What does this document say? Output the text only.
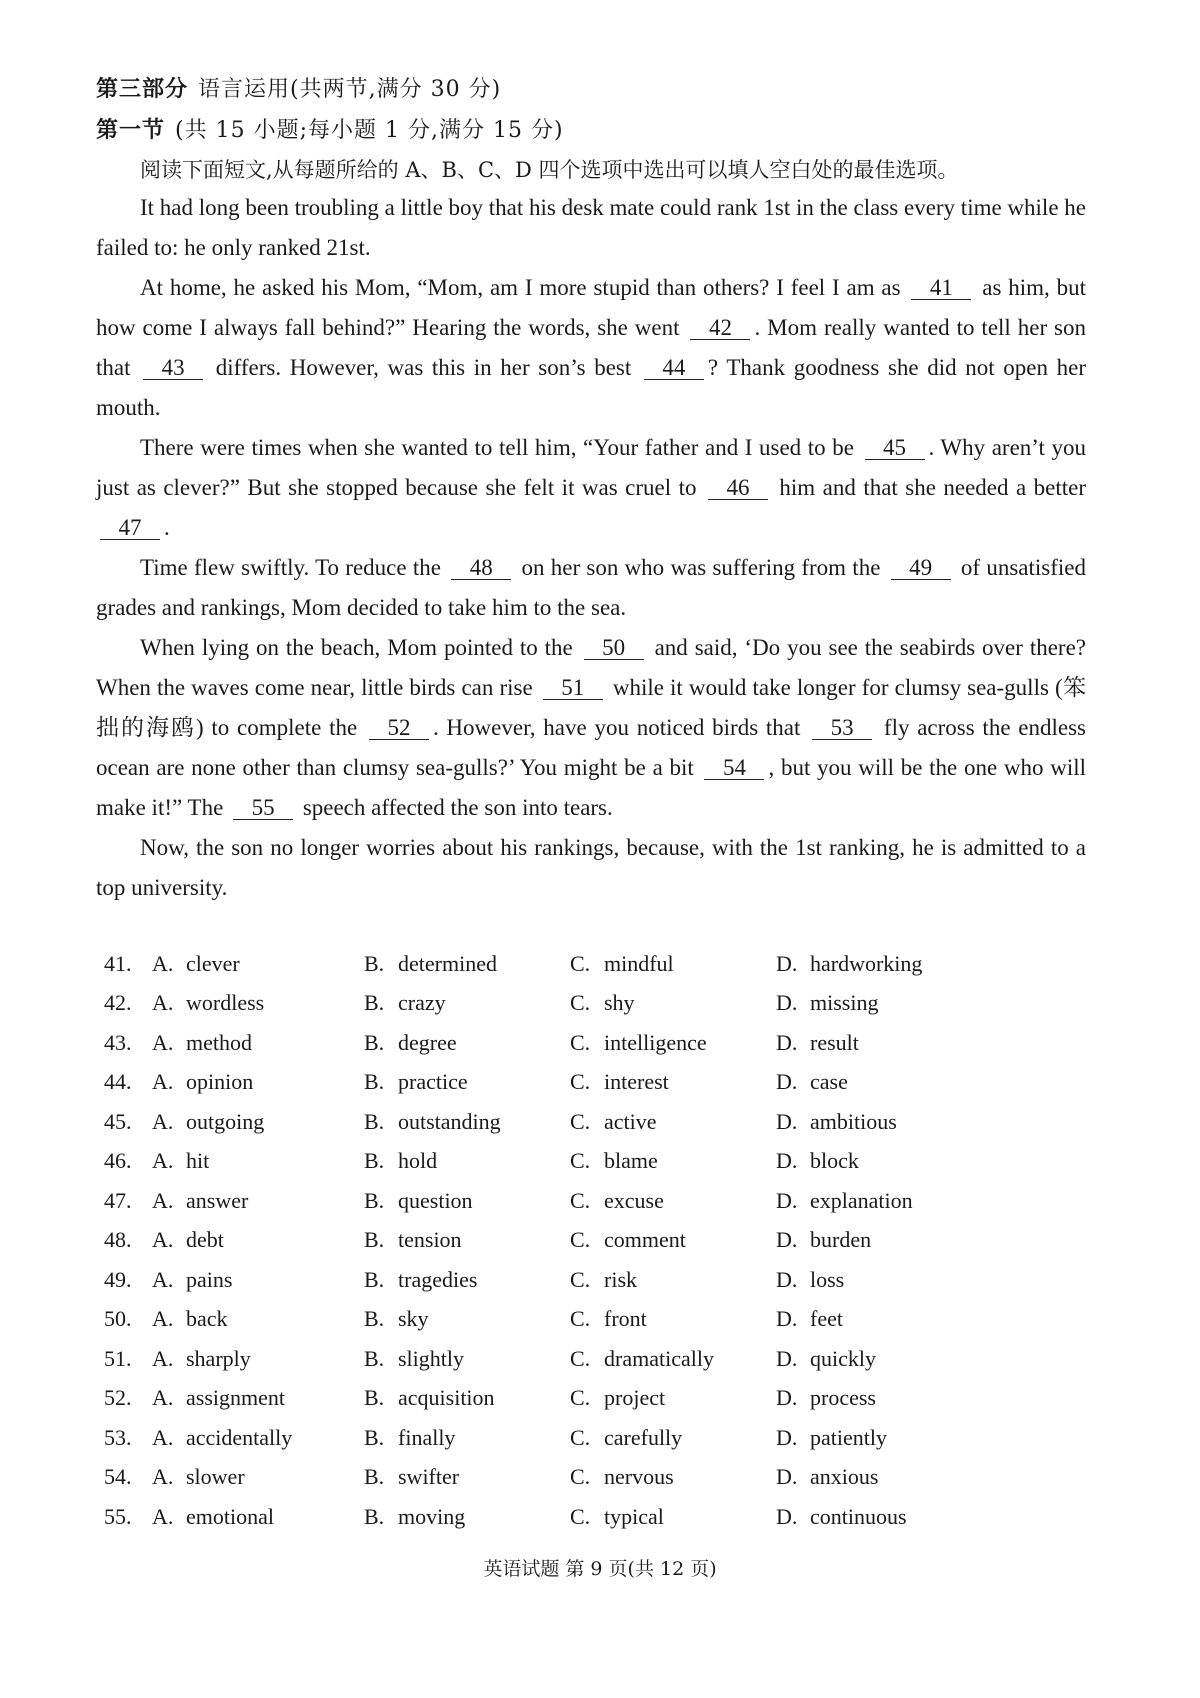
第三部分 语言运用(共两节,满分 30 分)
第一节 (共 15 小题;每小题 1 分,满分 15 分)
阅读下面短文,从每题所给的 A、B、C、D 四个选项中选出可以填人空白处的最佳选项。

It had long been troubling a little boy that his desk mate could rank 1st in the class every time while he failed to: he only ranked 21st.

At home, he asked his Mom, “Mom, am I more stupid than others? I feel I am as 41 as him, but how come I always fall behind?” Hearing the words, she went 42 . Mom really wanted to tell her son that 43 differs. However, was this in her son’s best 44 ? Thank goodness she did not open her mouth.

There were times when she wanted to tell him, “Your father and I used to be 45 . Why aren’t you just as clever?” But she stopped because she felt it was cruel to 46 him and that she needed a better 47 .

Time flew swiftly. To reduce the 48 on her son who was suffering from the 49 of unsatisfied grades and rankings, Mom decided to take him to the sea.

When lying on the beach, Mom pointed to the 50 and said, ‘Do you see the seabirds over there? When the waves come near, little birds can rise 51 while it would take longer for clumsy sea-gulls (笨拙的海鸥) to complete the 52 . However, have you noticed birds that 53 fly across the endless ocean are none other than clumsy sea-gulls?’ You might be a bit 54 , but you will be the one who will make it!” The 55 speech affected the son into tears.

Now, the son no longer worries about his rankings, because, with the 1st ranking, he is admitted to a top university.

41. A. clever	B. determined	C. mindful	D. hardworking
42. A. wordless	B. crazy	C. shy	D. missing
43. A. method	B. degree	C. intelligence	D. result
44. A. opinion	B. practice	C. interest	D. case
45. A. outgoing	B. outstanding	C. active	D. ambitious
46. A. hit	B. hold	C. blame	D. block
47. A. answer	B. question	C. excuse	D. explanation
48. A. debt	B. tension	C. comment	D. burden
49. A. pains	B. tragedies	C. risk	D. loss
50. A. back	B. sky	C. front	D. feet
51. A. sharply	B. slightly	C. dramatically	D. quickly
52. A. assignment	B. acquisition	C. project	D. process
53. A. accidentally	B. finally	C. carefully	D. patiently
54. A. slower	B. swifter	C. nervous	D. anxious
55. A. emotional	B. moving	C. typical	D. continuous
英语试题 第 9 页(共 12 页)
